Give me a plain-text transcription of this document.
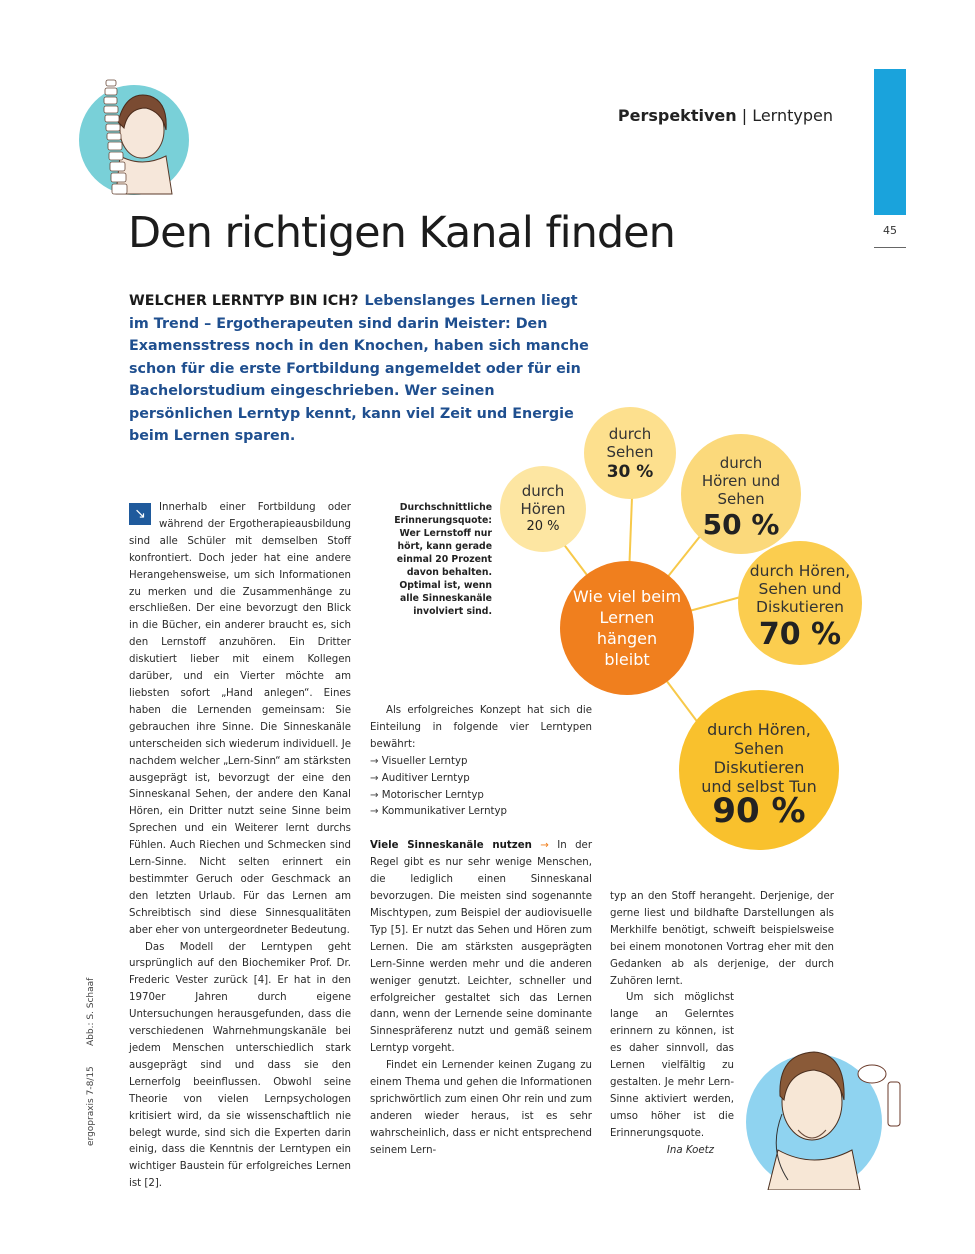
45
Perspektiven | Lerntypen
Den richtigen Kanal finden
WELCHER LERNTYP BIN ICH? Lebenslanges Lernen liegt im Trend – Ergotherapeuten sind darin Meister: Den Examensstress noch in den Knochen, haben sich manche schon für die erste Fortbildung angemeldet oder für ein Bachelorstudium eingeschrieben. Wer seinen persönlichen Lerntyp kennt, kann viel Zeit und Energie beim Lernen sparen.
durch Hören
20 %
durch Sehen
30 %	durch Hören und Sehen
50 %
durch Hören, Sehen und Diskutieren
70 %
durch Hören, Sehen Diskutieren und selbst Tun
90 %
Wie viel beim Lernen hängen bleibt
Durchschnittliche Erinnerungsquote: Wer Lernstoff nur hört, kann gerade einmal 20 Prozent davon behalten. Optimal ist, wenn alle Sinneskanäle involviert sind.
↘	Innerhalb einer Fortbildung oder während der Ergotherapieausbildung sind alle Schüler mit demselben Stoff konfrontiert. Doch jeder hat eine andere Herangehensweise, um sich Informationen zu merken und die Zusammenhänge zu erschließen. Der eine bevorzugt den Blick in die Bücher, ein anderer braucht es, sich den Lernstoff anzuhören. Ein Dritter diskutiert lieber mit einem Kollegen darüber, und ein Vierter möchte am liebsten sofort „Hand anlegen“. Eines haben die Lernenden gemeinsam: Sie gebrauchen ihre Sinne. Die Sinneskanäle unterscheiden sich wiederum individuell. Je nachdem welcher „Lern-Sinn“ am stärksten ausgeprägt ist, bevorzugt der eine den Sinneskanal Sehen, der andere den Kanal Hören, ein Dritter nutzt seine Sinne beim Sprechen und ein Weiterer lernt durchs Fühlen. Auch Riechen und Schmecken sind Lern-Sinne. Nicht selten erinnert ein bestimmter Geruch oder Geschmack an den letzten Urlaub. Für das Lernen am Schreibtisch sind diese Sinnesqualitäten aber eher von untergeordneter Bedeutung.

Das Modell der Lerntypen geht ursprünglich auf den Biochemiker Prof. Dr. Frederic Vester zurück [4]. Er hat in den 1970er Jahren durch eigene Untersuchungen herausgefunden, dass die verschiedenen Wahrnehmungskanäle bei jedem Menschen unterschiedlich stark ausgeprägt sind und dass sie den Lernerfolg beeinflussen. Obwohl seine Theorie von vielen Lernpsychologen kritisiert wird, da sie wissenschaftlich nie belegt wurde, sind sich die Experten darin einig, dass die Kenntnis der Lerntypen ein wichtiger Baustein für erfolgreiches Lernen ist [2].

Als erfolgreiches Konzept hat sich die Einteilung in folgende vier Lerntypen bewährt:

→ Visueller Lerntyp
→ Auditiver Lerntyp
→ Motorischer Lerntyp
→ Kommunikativer Lerntyp

Viele Sinneskanäle nutzen → In der Regel gibt es nur sehr wenige Menschen, die lediglich einen Sinneskanal bevorzugen. Die meisten sind sogenannte Mischtypen, zum Beispiel der audiovisuelle Typ [5]. Er nutzt das Sehen und Hören zum Lernen. Die am stärksten ausgeprägten Lern-Sinne werden mehr und die anderen weniger genutzt. Leichter, schneller und erfolgreicher gestaltet sich das Lernen dann, wenn der Lernende seine dominante Sinnespräferenz nutzt und gemäß seinem Lerntyp vorgeht.

Findet ein Lernender keinen Zugang zu einem Thema und gehen die Informationen sprichwörtlich zum einen Ohr rein und zum anderen wieder heraus, ist es sehr wahrscheinlich, dass er nicht entsprechend seinem Lern-

typ an den Stoff herangeht. Derjenige, der gerne liest und bildhafte Darstellungen als Merkhilfe benötigt, schweift beispielsweise bei einem monotonen Vortrag eher mit den Gedanken ab als derjenige, der durch Zuhören lernt.

Um sich möglichst lange an Gelerntes erinnern zu können, ist es daher sinnvoll, das Lernen vielfältig zu gestalten. Je mehr Lern-Sinne aktiviert werden, umso höher ist die Erinnerungsquote.

Ina Koetz

ergopraxis 7-8/15
Abb.: S. Schaaf
